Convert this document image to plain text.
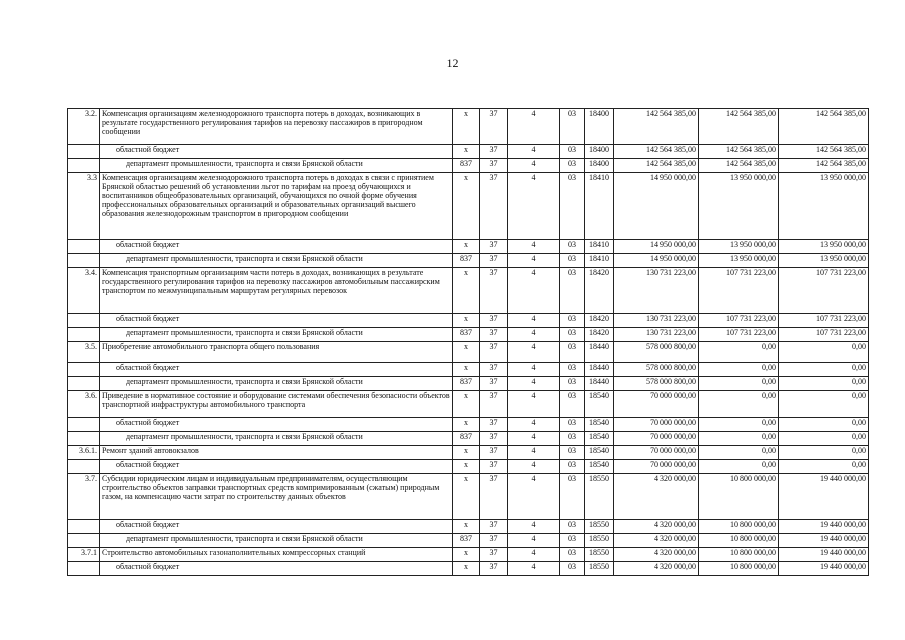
12
3.2.	Компенсация организациям железнодорожного транспорта потерь в доходах, возникающих в результате государственного регулирования тарифов на перевозку пассажиров в пригородном сообщении	х	37	4	03	18400	142 564 385,00	142 564 385,00	142 564 385,00
	областной бюджет	х	37	4	03	18400	142 564 385,00	142 564 385,00	142 564 385,00
	департамент промышленности, транспорта и связи Брянской области	837	37	4	03	18400	142 564 385,00	142 564 385,00	142 564 385,00
3.3	Компенсация организациям железнодорожного транспорта потерь в доходах в связи с принятием Брянской областью решений об установлении льгот по тарифам на проезд обучающихся и воспитанников общеобразовательных организаций, обучающихся по очной форме обучения профессиональных образовательных организаций и образовательных организаций высшего образования железнодорожным транспортом в пригородном сообщении	х	37	4	03	18410	14 950 000,00	13 950 000,00	13 950 000,00
	областной бюджет	х	37	4	03	18410	14 950 000,00	13 950 000,00	13 950 000,00
	департамент промышленности, транспорта и связи Брянской области	837	37	4	03	18410	14 950 000,00	13 950 000,00	13 950 000,00
3.4.	Компенсация транспортным организациям части потерь в доходах, возникающих в результате государственного регулирования тарифов на перевозку пассажиров автомобильным пассажирским транспортом по межмуниципальным маршрутам регулярных перевозок	х	37	4	03	18420	130 731 223,00	107 731 223,00	107 731 223,00
	областной бюджет	х	37	4	03	18420	130 731 223,00	107 731 223,00	107 731 223,00
	департамент промышленности, транспорта и связи Брянской области	837	37	4	03	18420	130 731 223,00	107 731 223,00	107 731 223,00
3.5.	Приобретение автомобильного транспорта общего пользования	х	37	4	03	18440	578 000 800,00	0,00	0,00
	областной бюджет	х	37	4	03	18440	578 000 800,00	0,00	0,00
	департамент промышленности, транспорта и связи Брянской области	837	37	4	03	18440	578 000 800,00	0,00	0,00
3.6.	Приведение в нормативное состояние и оборудование системами обеспечения безопасности объектов транспортной инфраструктуры автомобильного транспорта	х	37	4	03	18540	70 000 000,00	0,00	0,00
	областной бюджет	х	37	4	03	18540	70 000 000,00	0,00	0,00
	департамент промышленности, транспорта и связи Брянской области	837	37	4	03	18540	70 000 000,00	0,00	0,00
3.6.1.	Ремонт зданий автовокзалов	х	37	4	03	18540	70 000 000,00	0,00	0,00
	областной бюджет	х	37	4	03	18540	70 000 000,00	0,00	0,00
3.7.	Субсидии юридическим лицам и индивидуальным предпринимателям, осуществляющим строительство объектов заправки транспортных средств компримированным (сжатым) природным газом, на компенсацию части затрат по строительству данных объектов	х	37	4	03	18550	4 320 000,00	10 800 000,00	19 440 000,00
	областной бюджет	х	37	4	03	18550	4 320 000,00	10 800 000,00	19 440 000,00
	департамент промышленности, транспорта и связи Брянской области	837	37	4	03	18550	4 320 000,00	10 800 000,00	19 440 000,00
3.7.1	Строительство автомобильных газонаполнительных компрессорных станций	х	37	4	03	18550	4 320 000,00	10 800 000,00	19 440 000,00
	областной бюджет	х	37	4	03	18550	4 320 000,00	10 800 000,00	19 440 000,00
